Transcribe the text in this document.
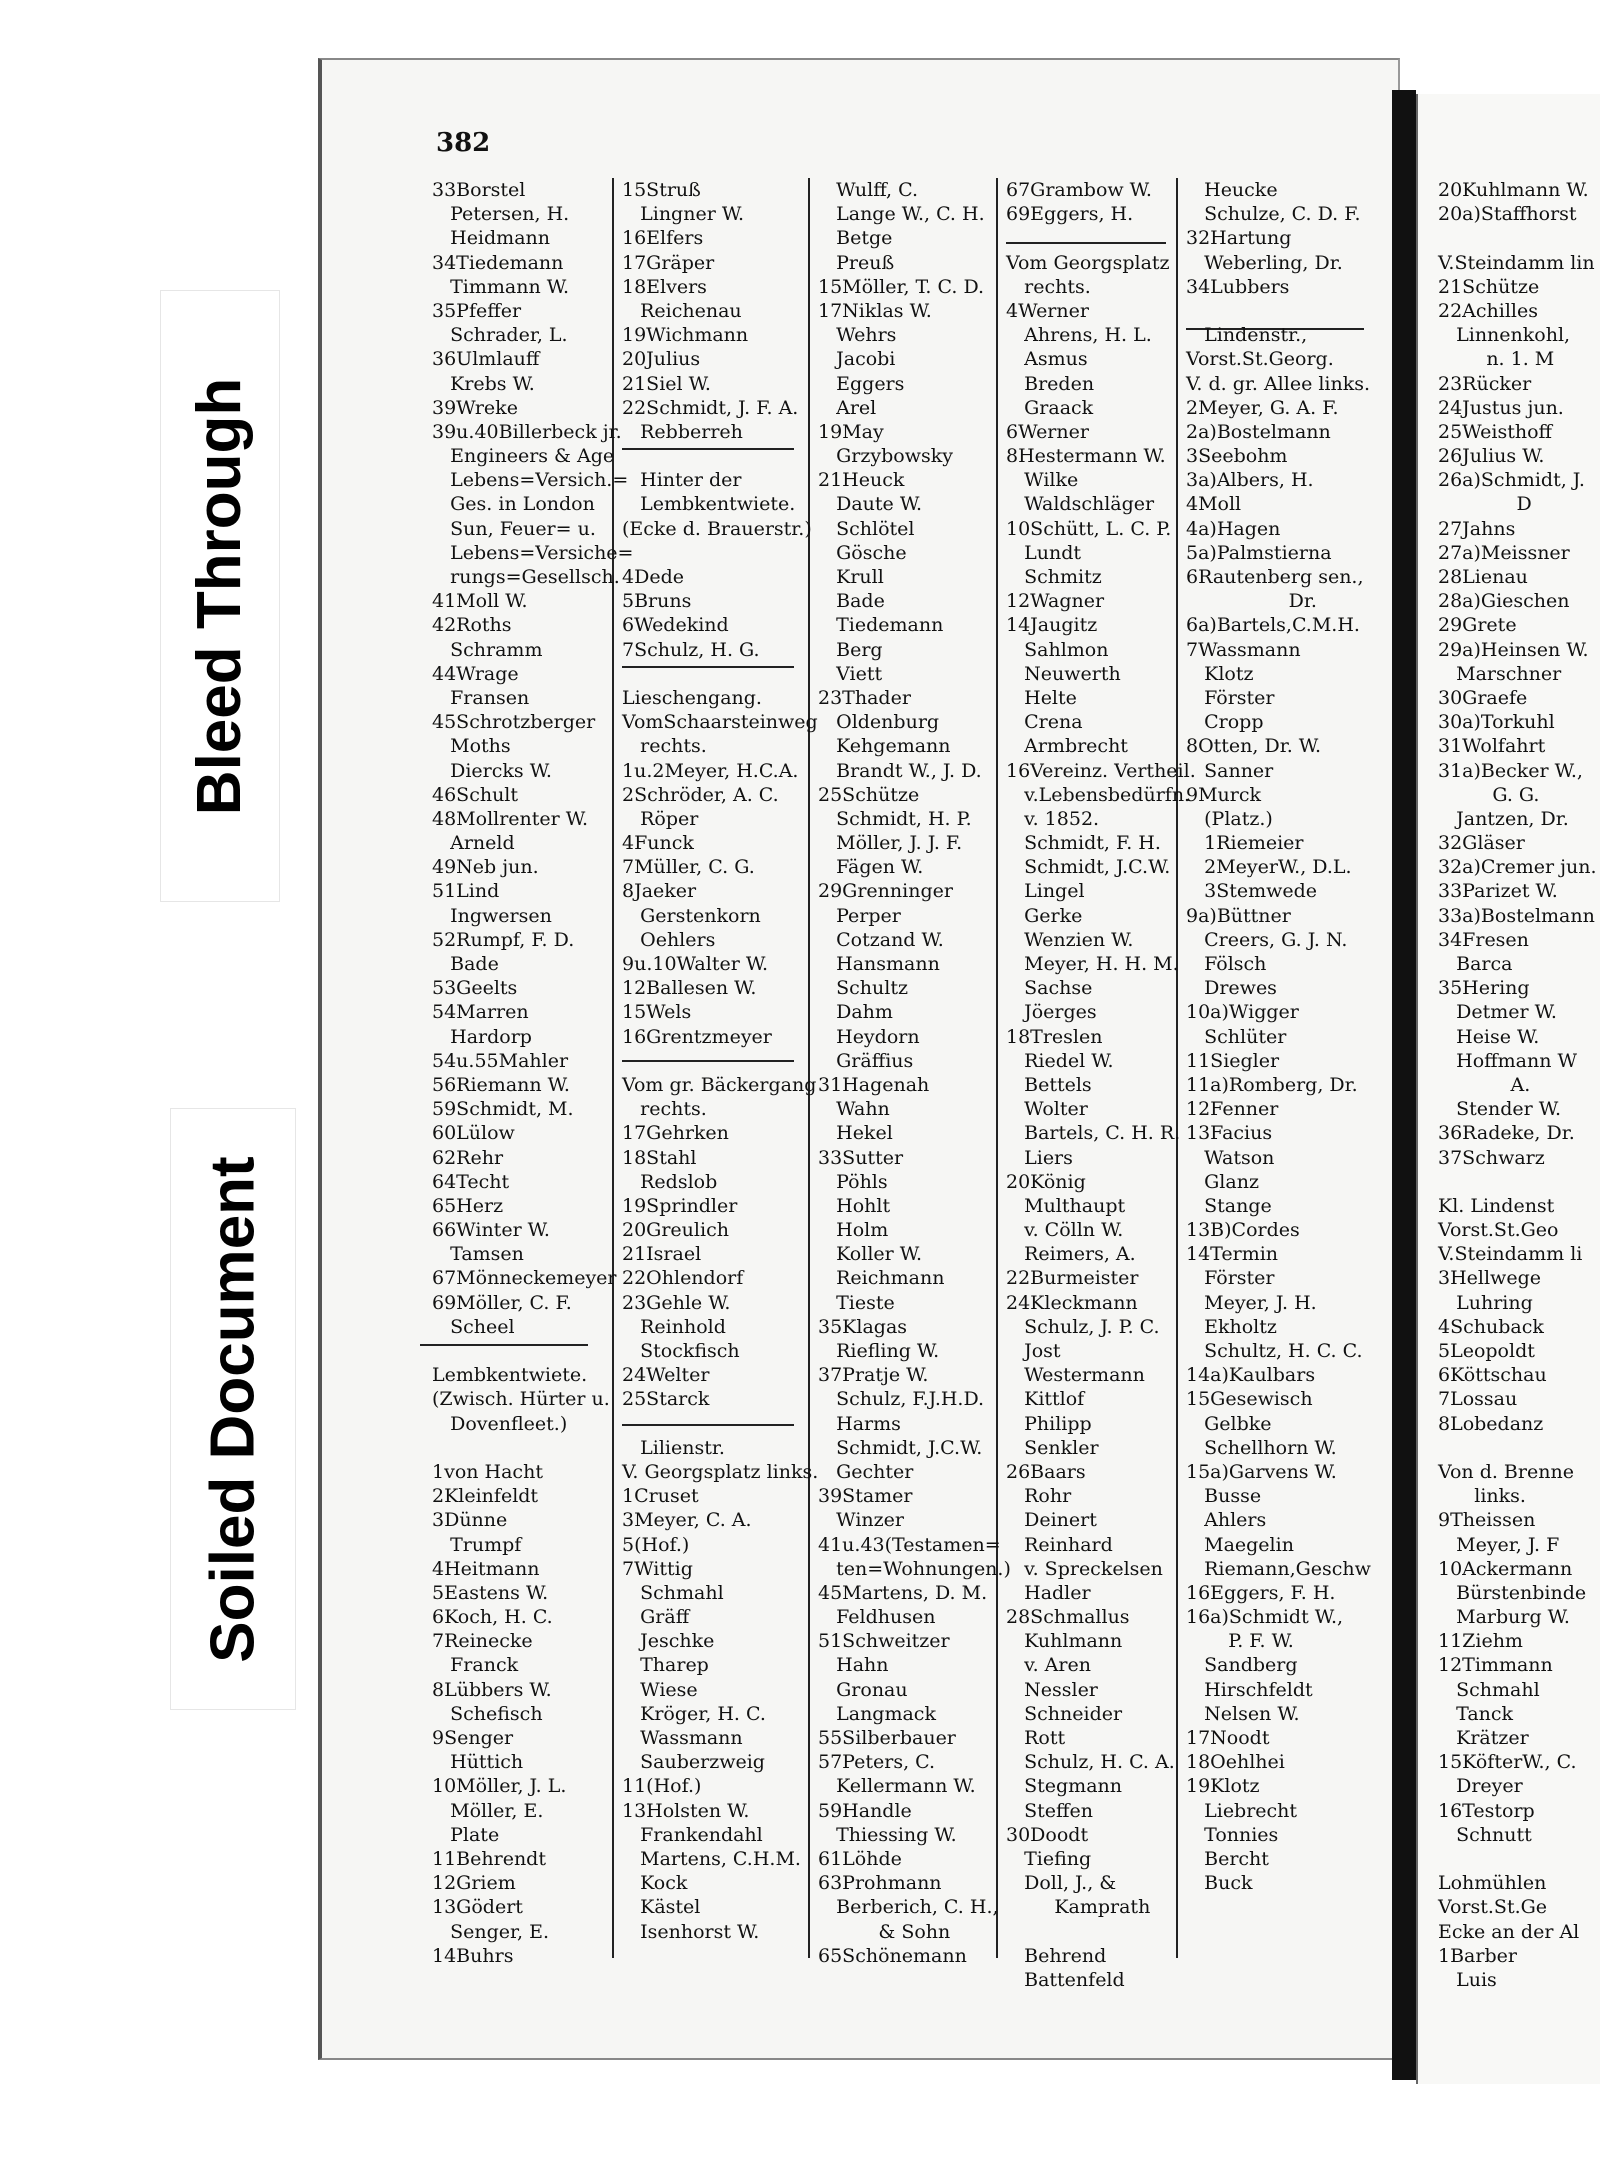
Bleed Through
Soiled Document
382
33Borstel
Petersen, H.
Heidmann
34Tiedemann
Timmann W.
35Pfeffer
Schrader, L.
36Ulmlauff
Krebs W.
39Wreke
39u.40Billerbeck jr.
Engineers & Age
Lebens=Versich.=
Ges. in London
Sun, Feuer= u.
Lebens=Versiche=
rungs=Gesellsch.
41Moll W.
42Roths
Schramm
44Wrage
Fransen
45Schrotzberger
Moths
Diercks W.
46Schult
48Mollrenter W.
Arneld
49Neb jun.
51Lind
Ingwersen
52Rumpf, F. D.
Bade
53Geelts
54Marren
Hardorp
54u.55Mahler
56Riemann W.
59Schmidt, M.
60Lülow
62Rehr
64Techt
65Herz
66Winter W.
Tamsen
67Mönneckemeyer
69Möller, C. F.
Scheel
Lembkentwiete.
(Zwisch. Hürter u.
Dovenfleet.)
1von Hacht
2Kleinfeldt
3Dünne
Trumpf
4Heitmann
5Eastens W.
6Koch, H. C.
7Reinecke
Franck
8Lübbers W.
Schefisch
9Senger
Hüttich
10Möller, J. L.
Möller, E.
Plate
11Behrendt
12Griem
13Gödert
Senger, E.
14Buhrs
15Struß
Lingner W.
16Elfers
17Gräper
18Elvers
Reichenau
19Wichmann
20Julius
21Siel W.
22Schmidt, J. F. A.
Rebberreh
Hinter der
Lembkentwiete.
(Ecke d. Brauerstr.)
4Dede
5Bruns
6Wedekind
7Schulz, H. G.
Lieschengang.
VomSchaarsteinweg
rechts.
1u.2Meyer, H.C.A.
2Schröder, A. C.
Röper
4Funck
7Müller, C. G.
8Jaeker
Gerstenkorn
Oehlers
9u.10Walter W.
12Ballesen W.
15Wels
16Grentzmeyer
Vom gr. Bäckergang
rechts.
17Gehrken
18Stahl
Redslob
19Sprindler
20Greulich
21Israel
22Ohlendorf
23Gehle W.
Reinhold
Stockfisch
24Welter
25Starck
Lilienstr.
V. Georgsplatz links.
1Cruset
3Meyer, C. A.
5(Hof.)
7Wittig
Schmahl
Gräff
Jeschke
Tharep
Wiese
Kröger, H. C.
Wassmann
Sauberzweig
11(Hof.)
13Holsten W.
Frankendahl
Martens, C.H.M.
Kock
Kästel
Isenhorst W.
Wulff, C.
Lange W., C. H.
Betge
Preuß
15Möller, T. C. D.
17Niklas W.
Wehrs
Jacobi
Eggers
Arel
19May
Grzybowsky
21Heuck
Daute W.
Schlötel
Gösche
Krull
Bade
Tiedemann
Berg
Viett
23Thader
Oldenburg
Kehgemann
Brandt W., J. D.
25Schütze
Schmidt, H. P.
Möller, J. J. F.
Fägen W.
29Grenninger
Perper
Cotzand W.
Hansmann
Schultz
Dahm
Heydorn
Gräffius
31Hagenah
Wahn
Hekel
33Sutter
Pöhls
Hohlt
Holm
Koller W.
Reichmann
Tieste
35Klagas
Riefling W.
37Pratje W.
Schulz, F.J.H.D.
Harms
Schmidt, J.C.W.
Gechter
39Stamer
Winzer
41u.43(Testamen=
ten=Wohnungen.)
45Martens, D. M.
Feldhusen
51Schweitzer
Hahn
Gronau
Langmack
55Silberbauer
57Peters, C.
Kellermann W.
59Handle
Thiessing W.
61Löhde
63Prohmann
Berberich, C. H.,
& Sohn
65Schönemann
67Grambow W.
69Eggers, H.
Vom Georgsplatz
rechts.
4Werner
Ahrens, H. L.
Asmus
Breden
Graack
6Werner
8Hestermann W.
Wilke
Waldschläger
10Schütt, L. C. P.
Lundt
Schmitz
12Wagner
14Jaugitz
Sahlmon
Neuwerth
Helte
Crena
Armbrecht
16Vereinz. Vertheil.
v.Lebensbedürfn.
v. 1852.
Schmidt, F. H.
Schmidt, J.C.W.
Lingel
Gerke
Wenzien W.
Meyer, H. H. M.
Sachse
Jöerges
18Treslen
Riedel W.
Bettels
Wolter
Bartels, C. H. R.
Liers
20König
Multhaupt
v. Cölln W.
Reimers, A.
22Burmeister
24Kleckmann
Schulz, J. P. C.
Jost
Westermann
Kittlof
Philipp
Senkler
26Baars
Rohr
Deinert
Reinhard
v. Spreckelsen
Hadler
28Schmallus
Kuhlmann
v. Aren
Nessler
Schneider
Rott
Schulz, H. C. A.
Stegmann
Steffen
30Doodt
Tiefing
Doll, J., &
Kamprath
Behrend
Battenfeld
Heucke
Schulze, C. D. F.
32Hartung
Weberling, Dr.
34Lubbers
Lindenstr.,
Vorst.St.Georg.
V. d. gr. Allee links.
2Meyer, G. A. F.
2a)Bostelmann
3Seebohm
3a)Albers, H.
4Moll
4a)Hagen
5a)Palmstierna
6Rautenberg sen.,
Dr.
6a)Bartels,C.M.H.
7Wassmann
Klotz
Förster
Cropp
8Otten, Dr. W.
Sanner
9Murck
(Platz.)
1Riemeier
2MeyerW., D.L.
3Stemwede
9a)Büttner
Creers, G. J. N.
Fölsch
Drewes
10a)Wigger
Schlüter
11Siegler
11a)Romberg, Dr.
12Fenner
13Facius
Watson
Glanz
Stange
13B)Cordes
14Termin
Förster
Meyer, J. H.
Ekholtz
Schultz, H. C. C.
14a)Kaulbars
15Gesewisch
Gelbke
Schellhorn W.
15a)Garvens W.
Busse
Ahlers
Maegelin
Riemann,Geschw
16Eggers, F. H.
16a)Schmidt W.,
P. F. W.
Sandberg
Hirschfeldt
Nelsen W.
17Noodt
18Oehlhei
19Klotz
Liebrecht
Tonnies
Bercht
Buck
20Kuhlmann W.
20a)Staffhorst
V.Steindamm lin
21Schütze
22Achilles
Linnenkohl,
n. 1. M
23Rücker
24Justus jun.
25Weisthoff
26Julius W.
26a)Schmidt, J.
D
27Jahns
27a)Meissner
28Lienau
28a)Gieschen
29Grete
29a)Heinsen W.
Marschner
30Graefe
30a)Torkuhl
31Wolfahrt
31a)Becker W.,
G. G.
Jantzen, Dr.
32Gläser
32a)Cremer jun.
33Parizet W.
33a)Bostelmann
34Fresen
Barca
35Hering
Detmer W.
Heise W.
Hoffmann W
A.
Stender W.
36Radeke, Dr.
37Schwarz
Kl. Lindenst
Vorst.St.Geo
V.Steindamm li
3Hellwege
Luhring
4Schuback
5Leopoldt
6Köttschau
7Lossau
8Lobedanz
Von d. Brenne
links.
9Theissen
Meyer, J. F
10Ackermann
Bürstenbinde
Marburg W.
11Ziehm
12Timmann
Schmahl
Tanck
Krätzer
15KöfterW., C.
Dreyer
16Testorp
Schnutt
Lohmühlen
Vorst.St.Ge
Ecke an der Al
1Barber
Luis
